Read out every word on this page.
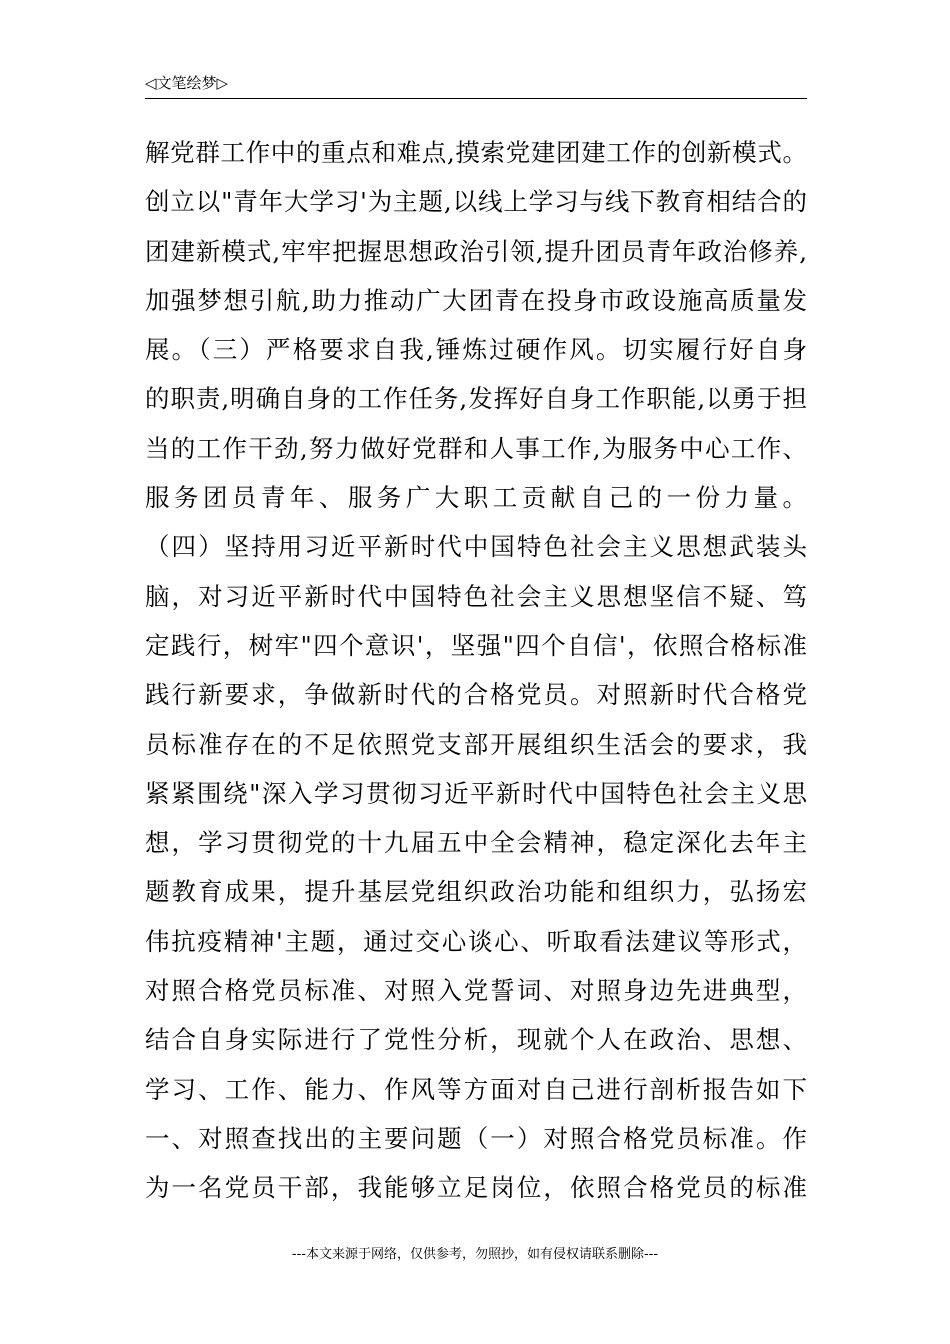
◁文笔绘梦▷
解党群工作中的重点和难点,摸索党建团建工作的创新模式。
创立以"青年大学习'为主题,以线上学习与线下教育相结合的
团建新模式,牢牢把握思想政治引领,提升团员青年政治修养,
加强梦想引航,助力推动广大团青在投身市政设施高质量发
展。（三）严格要求自我,锤炼过硬作风。切实履行好自身
的职责,明确自身的工作任务,发挥好自身工作职能,以勇于担
当的工作干劲,努力做好党群和人事工作,为服务中心工作、
服务团员青年、服务广大职工贡献自己的一份力量。
（四）坚持用习近平新时代中国特色社会主义思想武装头
脑，对习近平新时代中国特色社会主义思想坚信不疑、笃
定践行，树牢"四个意识'，坚强"四个自信'，依照合格标准
践行新要求，争做新时代的合格党员。对照新时代合格党
员标准存在的不足依照党支部开展组织生活会的要求，我
紧紧围绕"深入学习贯彻习近平新时代中国特色社会主义思
想，学习贯彻党的十九届五中全会精神，稳定深化去年主
题教育成果，提升基层党组织政治功能和组织力，弘扬宏
伟抗疫精神'主题，通过交心谈心、听取看法建议等形式，
对照合格党员标准、对照入党誓词、对照身边先进典型，
结合自身实际进行了党性分析，现就个人在政治、思想、
学习、工作、能力、作风等方面对自己进行剖析报告如下
一、对照查找出的主要问题（一）对照合格党员标准。作
为一名党员干部，我能够立足岗位，依照合格党员的标准
---本文来源于网络，仅供参考，勿照抄，如有侵权请联系删除---
